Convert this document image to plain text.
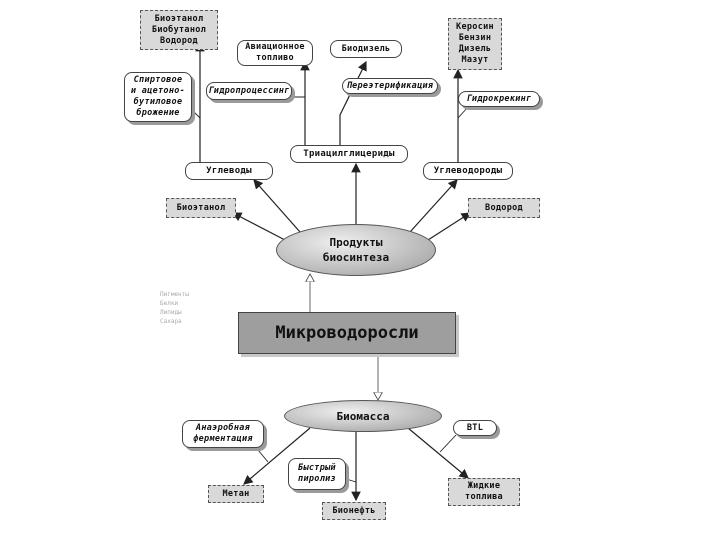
Биоэтанол
Биобутанол
Водород
Авиационное
топливо
Биодизель
Керосин
Бензин
Дизель
Мазут
Спиртовое
и ацетоно-
бутиловое
брожение
Гидропроцессинг	Переэтерификация
Гидрокрекинг
Триацилглицериды
Углеводы	Углеводороды
Биоэтанол	Водород
Продукты
биосинтеза
Пигменты
Белки
Липиды
Сахара
Микроводоросли
Биомасса
Анаэробная
ферментация
BTL
Быстрый
пиролиз
Метан
Жидкие
топлива
Бионефть
